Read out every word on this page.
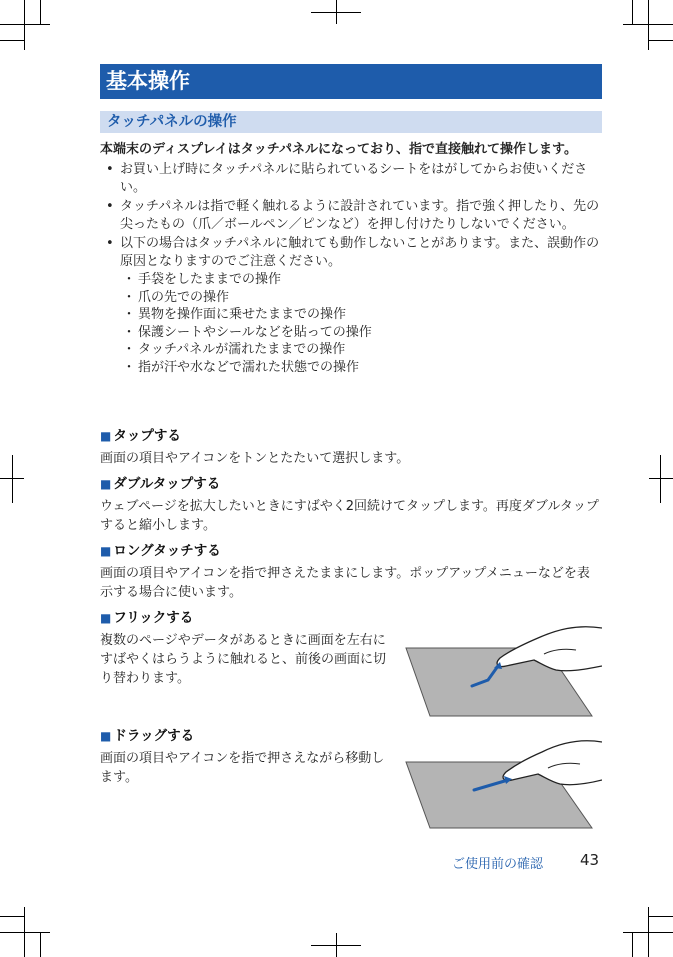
基本操作
タッチパネルの操作
本端末のディスプレイはタッチパネルになっており、指で直接触れて操作します。
• お買い上げ時にタッチパネルに貼られているシートをはがしてからお使いください。
• タッチパネルは指で軽く触れるように設計されています。指で強く押したり、先の尖ったもの（爪／ボールペン／ピンなど）を押し付けたりしないでください。
• 以下の場合はタッチパネルに触れても動作しないことがあります。また、誤動作の原因となりますのでご注意ください。
・ 手袋をしたままでの操作
・ 爪の先での操作
・ 異物を操作面に乗せたままでの操作
・ 保護シートやシールなどを貼っての操作
・ タッチパネルが濡れたままでの操作
・ 指が汗や水などで濡れた状態での操作
■ タップする
画面の項目やアイコンをトンとたたいて選択します。
■ ダブルタップする
ウェブページを拡大したいときにすばやく2回続けてタップします。再度ダブルタップすると縮小します。
■ ロングタッチする
画面の項目やアイコンを指で押さえたままにします。ポップアップメニューなどを表示する場合に使います。
■ フリックする
複数のページやデータがあるときに画面を左右にすばやくはらうように触れると、前後の画面に切り替わります。
■ ドラッグする
画面の項目やアイコンを指で押さえながら移動します。
ご使用前の確認 43
